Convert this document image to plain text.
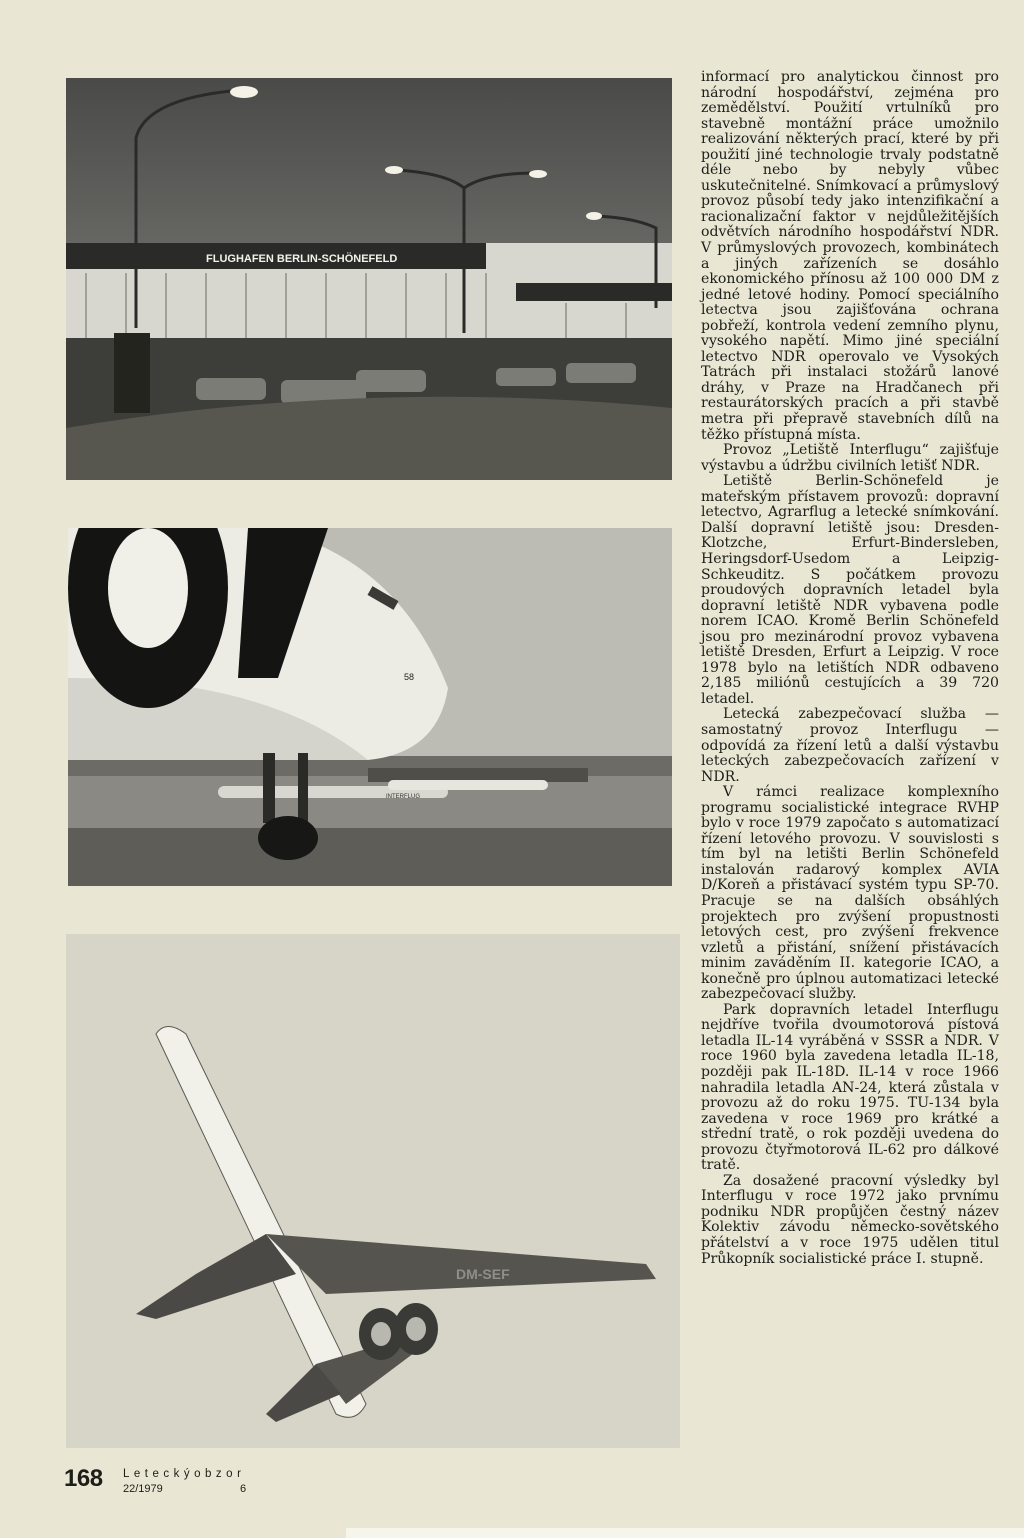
FLUGHAFEN BERLIN-SCHÖNEFELD
INTERFLUG
58
DM-SEF

informací pro analytickou činnost pro národní hospodářství, zejména pro zemědělství. Použití vrtulníků pro stavebně montážní práce umožnilo realizování některých prací, které by při použití jiné technologie trvaly podstatně déle nebo by nebyly vůbec uskutečnitelné. Snímkovací a průmyslový provoz působí tedy jako intenzifikační a racionalizační faktor v nejdůležitějších odvětvích národního hospodářství NDR. V průmyslových provozech, kombinátech a jiných zařízeních se dosáhlo ekonomického přínosu až 100 000 DM z jedné letové hodiny. Pomocí speciálního letectva jsou zajišťována ochrana pobřeží, kontrola vedení zemního plynu, vysokého napětí. Mimo jiné speciální letectvo NDR operovalo ve Vysokých Tatrách při instalaci stožárů lanové dráhy, v Praze na Hradčanech při restaurátorských pracích a při stavbě metra při přepravě stavebních dílů na těžko přístupná místa.

Provoz „Letiště Interflugu“ zajišťuje výstavbu a údržbu civilních letišť NDR.

Letiště Berlin-Schönefeld je mateřským přístavem provozů: dopravní letectvo, Agrarflug a letecké snímkování. Další dopravní letiště jsou: Dresden-Klotzche, Erfurt-Bindersleben, Heringsdorf-Usedom a Leipzig-Schkeuditz. S počátkem provozu proudových dopravních letadel byla dopravní letiště NDR vybavena podle norem ICAO. Kromě Berlin Schönefeld jsou pro mezinárodní provoz vybavena letiště Dresden, Erfurt a Leipzig. V roce 1978 bylo na letištích NDR odbaveno 2,185 miliónů cestujících a 39 720 letadel.

Letecká zabezpečovací služba — samostatný provoz Interflugu — odpovídá za řízení letů a další výstavbu leteckých zabezpečovacích zařízení v NDR.

V rámci realizace komplexního programu socialistické integrace RVHP bylo v roce 1979 započato s automatizací řízení letového provozu. V souvislosti s tím byl na letišti Berlin Schönefeld instalován radarový komplex AVIA D/Koreň a přistávací systém typu SP-70. Pracuje se na dalších obsáhlých projektech pro zvýšení propustnosti letových cest, pro zvýšení frekvence vzletů a přistání, snížení přistávacích minim zaváděním II. kategorie ICAO, a konečně pro úplnou automatizaci letecké zabezpečovací služby.

Park dopravních letadel Interflugu nejdříve tvořila dvoumotorová pístová letadla IL-14 vyráběná v SSSR a NDR. V roce 1960 byla zavedena letadla IL-18, později pak IL-18D. IL-14 v roce 1966 nahradila letadla AN-24, která zůstala v provozu až do roku 1975. TU-134 byla zavedena v roce 1969 pro krátké a střední tratě, o rok později uvedena do provozu čtyřmotorová IL-62 pro dálkové tratě.

Za dosažené pracovní výsledky byl Interflugu v roce 1972 jako prvnímu podniku NDR propůjčen čestný název Kolektiv závodu německo-sovětského přátelství a v roce 1975 udělen titul Průkopník socialistické práce I. stupně.

168 Leteckýobzor
22/1979	6
